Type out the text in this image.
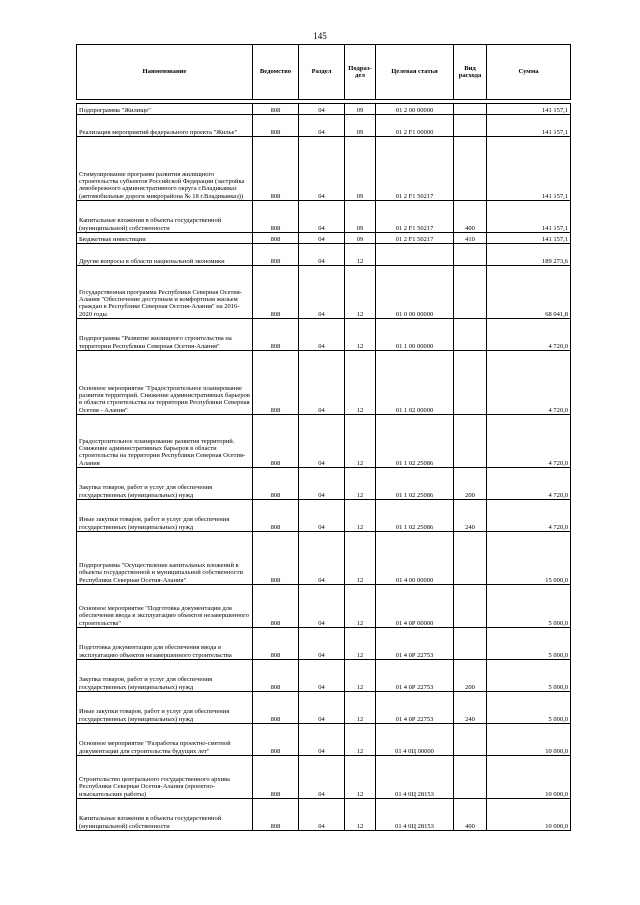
145
Наименование	Ведомство	Раздел	Подраз-дел	Целевая статья	Вид расхода	Сумма

Подпрограмма "Жилище"	808	04	09	01 2 00 00000		141 157,1
Реализация мероприятий федерального проекта "Жилье"	808	04	09	01 2 F1 00000		141 157,1
Стимулирование программ развития жилищного строительства субъектов Российской Федерации (застройка левобережного административного округа г.Владикавказ (автомобильные дороги микрорайона № 18 г.Владикавказ))	808	04	09	01 2 F1 50217		141 157,1
Капитальные вложения в объекты государственной (муниципальной) собственности	808	04	09	01 2 F1 50217	400	141 157,1
Бюджетные инвестиции	808	04	09	01 2 F1 50217	410	141 157,1
Другие вопросы в области национальной экономики	808	04	12			189 273,6
Государственная программа Республики Северная Осетия-Алания "Обеспечение доступным и комфортным жильем граждан в Республике Северная Осетия-Алания" на 2016-2020 годы	808	04	12	01 0 00 00000		68 041,8
Подпрограмма "Развитие жилищного строительства на территории Республики Северная Осетия-Алания"	808	04	12	01 1 00 00000		4 720,0
Основное мероприятие "Градостроительное планирование развития территорий. Снижение административных барьеров в области строительства на территории Республики Северная Осетия - Алания"	808	04	12	01 1 02 00000		4 720,0
Градостроительное планирование развития территорий. Снижение административных барьеров в области строительства на территории Республики Северная Осетия-Алания	808	04	12	01 1 02 25086		4 720,0
Закупка товаров, работ и услуг для обеспечения государственных (муниципальных) нужд	808	04	12	01 1 02 25086	200	4 720,0
Иные закупки товаров, работ и услуг для обеспечения государственных (муниципальных) нужд	808	04	12	01 1 02 25086	240	4 720,0
Подпрограмма "Осуществление капитальных вложений в объекты государственной и муниципальной собственности Республики Северная Осетия-Алания"	808	04	12	01 4 00 00000		15 000,0
Основное мероприятие "Подготовка документации для обеспечения ввода в эксплуатацию объектов незавершенного строительства"	808	04	12	01 4 0Р 00000		5 000,0
Подготовка документации для обеспечения ввода в эксплуатацию объектов незавершенного строительства	808	04	12	01 4 0Р 22753		5 000,0
Закупка товаров, работ и услуг для обеспечения государственных (муниципальных) нужд	808	04	12	01 4 0Р 22753	200	5 000,0
Иные закупки товаров, работ и услуг для обеспечения государственных (муниципальных) нужд	808	04	12	01 4 0Р 22753	240	5 000,0
Основное мероприятие "Разработка проектно-сметной документации для строительства будущих лет"	808	04	12	01 4 0Ц 00000		10 000,0
Строительство центрального государственного архива Республики Северная Осетия-Алания (проектно-изыскательские работы)	808	04	12	01 4 0Ц 28153		10 000,0
Капитальные вложения в объекты государственной (муниципальной) собственности	808	04	12	01 4 0Ц 28153	400	10 000,0
